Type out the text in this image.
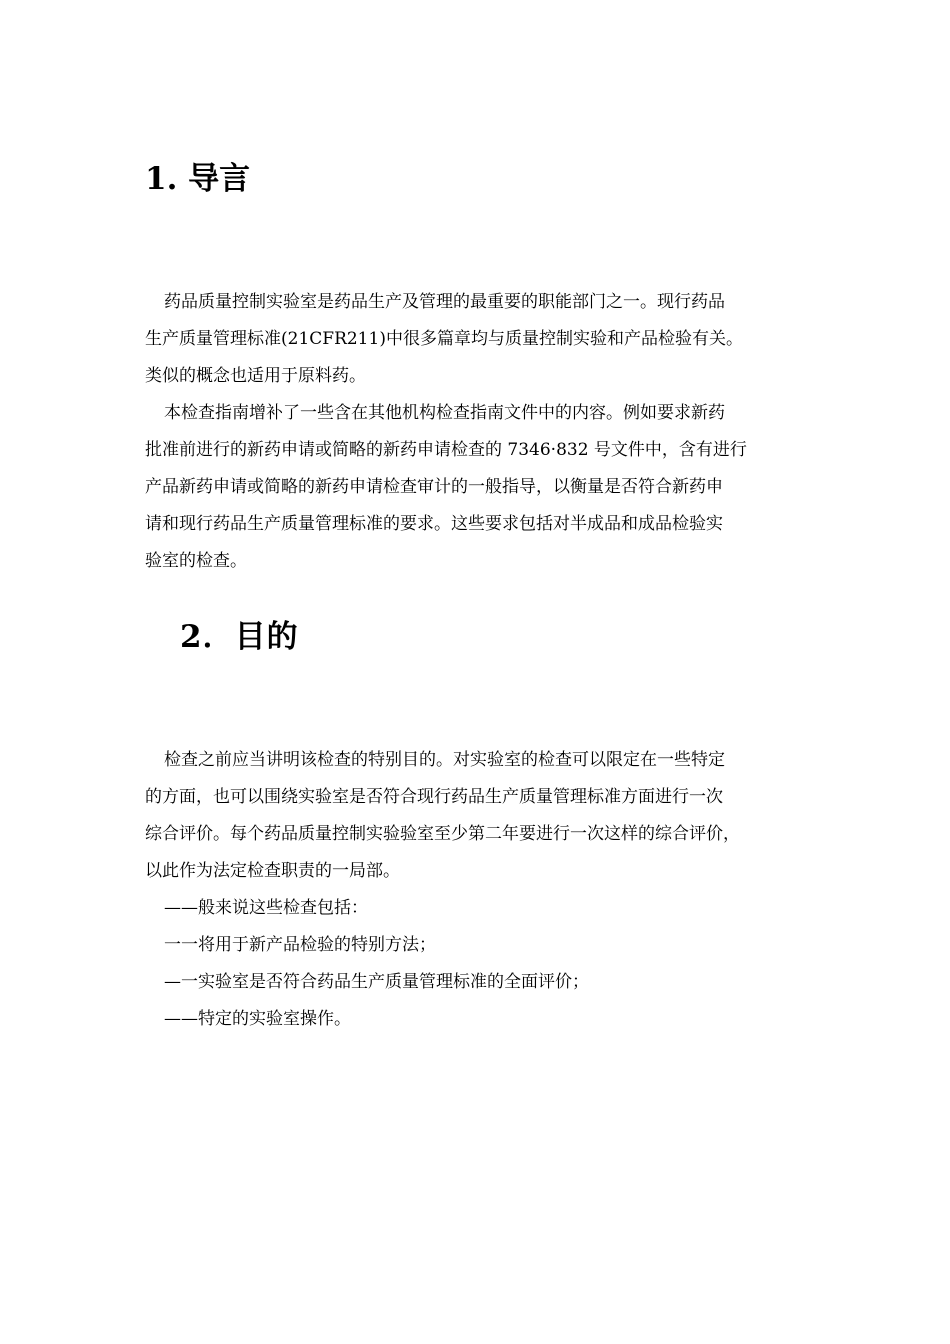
1. 导言

药品质量控制实验室是药品生产及管理的最重要的职能部门之一。现行药品

生产质量管理标准(21CFR211)中很多篇章均与质量控制实验和产品检验有关。

类似的概念也适用于原料药。

本检查指南增补了一些含在其他机构检查指南文件中的内容。例如要求新药

批准前进行的新药申请或简略的新药申请检查的 7346·832 号文件中，含有进行

产品新药申请或简略的新药申请检查审计的一般指导，以衡量是否符合新药申

请和现行药品生产质量管理标准的要求。这些要求包括对半成品和成品检验实

验室的检查。

2．目的

检查之前应当讲明该检查的特别目的。对实验室的检查可以限定在一些特定

的方面，也可以围绕实验室是否符合现行药品生产质量管理标准方面进行一次

综合评价。每个药品质量控制实验验室至少第二年要进行一次这样的综合评价，

以此作为法定检查职责的一局部。

——般来说这些检查包括：

一一将用于新产品检验的特别方法；

—一实验室是否符合药品生产质量管理标准的全面评价；

——特定的实验室操作。
